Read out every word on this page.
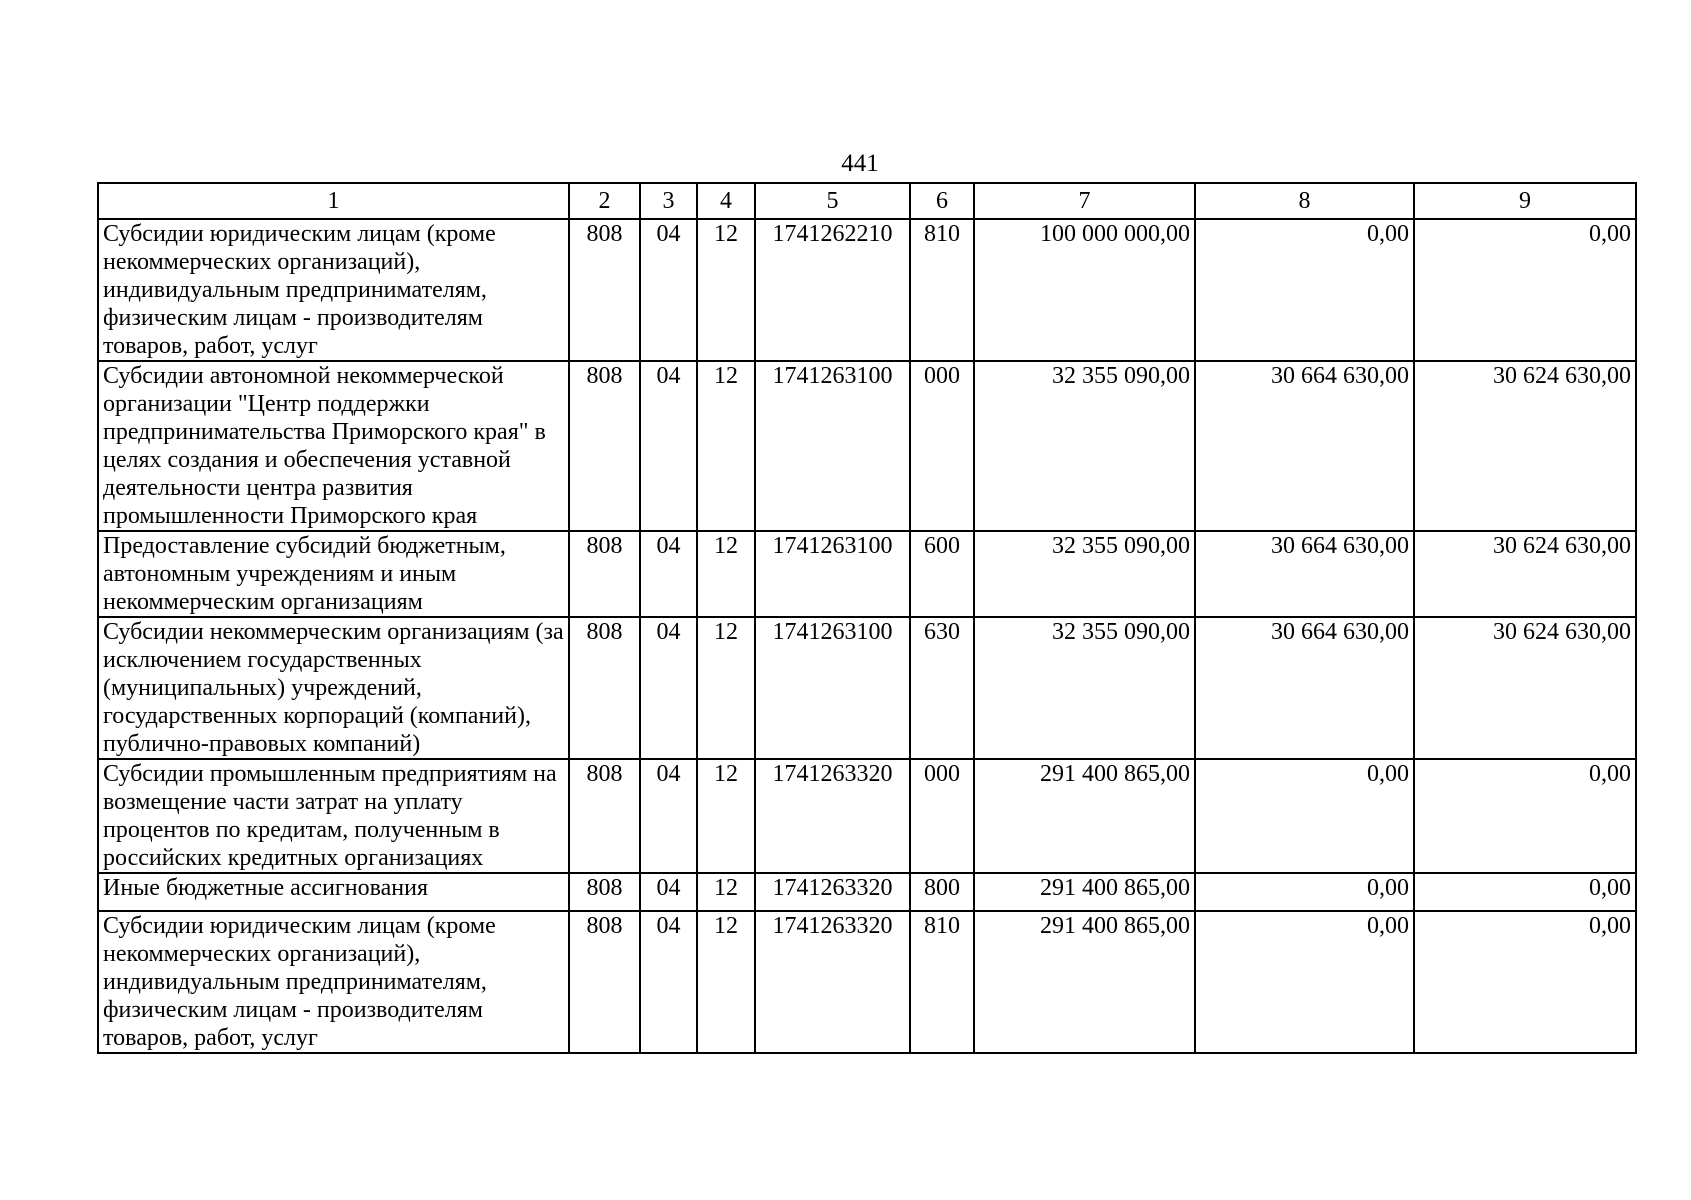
441
1	2	3	4	5	6	7	8	9
Субсидии юридическим лицам (кроме некоммерческих организаций), индивидуальным предпринимателям, физическим лицам - производителям товаров, работ, услуг	808	04	12	1741262210	810	100 000 000,00	0,00	0,00
Субсидии автономной некоммерческой организации "Центр поддержки предпринимательства Приморского края" в целях создания и обеспечения уставной деятельности центра развития промышленности Приморского края	808	04	12	1741263100	000	32 355 090,00	30 664 630,00	30 624 630,00
Предоставление субсидий бюджетным, автономным учреждениям и иным некоммерческим организациям	808	04	12	1741263100	600	32 355 090,00	30 664 630,00	30 624 630,00
Субсидии некоммерческим организациям (за исключением государственных (муниципальных) учреждений, государственных корпораций (компаний), публично-правовых компаний)	808	04	12	1741263100	630	32 355 090,00	30 664 630,00	30 624 630,00
Субсидии промышленным предприятиям на возмещение части затрат на уплату процентов по кредитам, полученным в российских кредитных организациях	808	04	12	1741263320	000	291 400 865,00	0,00	0,00
Иные бюджетные ассигнования	808	04	12	1741263320	800	291 400 865,00	0,00	0,00
Субсидии юридическим лицам (кроме некоммерческих организаций), индивидуальным предпринимателям, физическим лицам - производителям товаров, работ, услуг	808	04	12	1741263320	810	291 400 865,00	0,00	0,00
